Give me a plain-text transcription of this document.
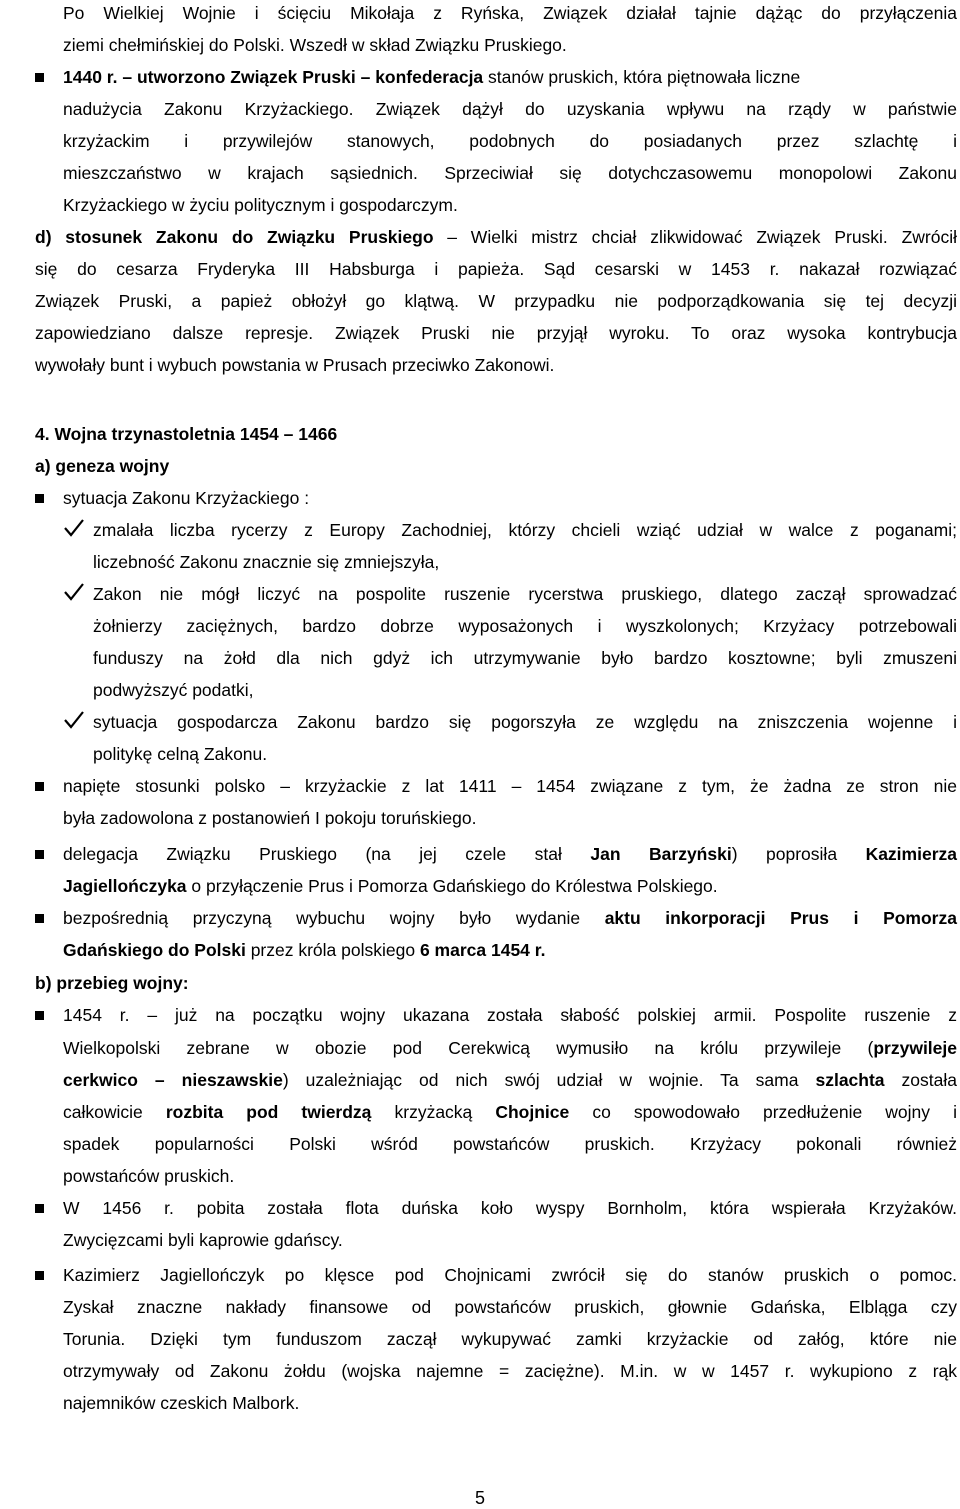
Po Wielkiej Wojnie i ścięciu Mikołaja z Ryńska, Związek działał tajnie dążąc do przyłączenia
ziemi chełmińskiej do Polski. Wszedł w skład Związku Pruskiego.
1440 r. – utworzono Związek Pruski – konfederacja stanów pruskich, która piętnowała liczne
nadużycia Zakonu Krzyżackiego. Związek dążył do uzyskania wpływu na rządy w państwie
krzyżackim i przywilejów stanowych, podobnych do posiadanych przez szlachtę i
mieszczaństwo w krajach sąsiednich. Sprzeciwiał się dotychczasowemu monopolowi Zakonu
Krzyżackiego w życiu politycznym i gospodarczym.
d) stosunek Zakonu do Związku Pruskiego – Wielki mistrz chciał zlikwidować Związek Pruski. Zwrócił
się do cesarza Fryderyka III Habsburga i papieża. Sąd cesarski w 1453 r. nakazał rozwiązać
Związek Pruski, a papież obłożył go klątwą. W przypadku nie podporządkowania się tej decyzji
zapowiedziano dalsze represje. Związek Pruski nie przyjął wyroku. To oraz wysoka kontrybucja
wywołały bunt i wybuch powstania w Prusach przeciwko Zakonowi.
4. Wojna trzynastoletnia 1454 – 1466
a) geneza wojny
sytuacja Zakonu Krzyżackiego :
zmalała liczba rycerzy z Europy Zachodniej, którzy chcieli wziąć udział w walce z poganami;
liczebność Zakonu znacznie się zmniejszyła,
Zakon nie mógł liczyć na pospolite ruszenie rycerstwa pruskiego, dlatego zaczął sprowadzać
żołnierzy zaciężnych, bardzo dobrze wyposażonych i wyszkolonych; Krzyżacy potrzebowali
funduszy na żołd dla nich gdyż ich utrzymywanie było bardzo kosztowne; byli zmuszeni
podwyższyć podatki,
sytuacja gospodarcza Zakonu bardzo się pogorszyła ze względu na zniszczenia wojenne i
politykę celną Zakonu.
napięte stosunki polsko – krzyżackie z lat 1411 – 1454 związane z tym, że żadna ze stron nie
była zadowolona z postanowień I pokoju toruńskiego.
delegacja Związku Pruskiego (na jej czele stał Jan Barzyński) poprosiła Kazimierza
Jagiellończyka o przyłączenie Prus i Pomorza Gdańskiego do Królestwa Polskiego.
bezpośrednią przyczyną wybuchu wojny było wydanie aktu inkorporacji Prus i Pomorza
Gdańskiego do Polski przez króla polskiego 6 marca 1454 r.
b) przebieg wojny:
1454 r. – już na początku wojny ukazana została słabość polskiej armii. Pospolite ruszenie z
Wielkopolski zebrane w obozie pod Cerekwicą wymusiło na królu przywileje (przywileje
cerkwico – nieszawskie) uzależniając od nich swój udział w wojnie. Ta sama szlachta została
całkowicie rozbita pod twierdzą krzyżacką Chojnice co spowodowało przedłużenie wojny i
spadek popularności Polski wśród powstańców pruskich. Krzyżacy pokonali również
powstańców pruskich.
W 1456 r. pobita została flota duńska koło wyspy Bornholm, która wspierała Krzyżaków.
Zwycięzcami byli kaprowie gdańscy.
Kazimierz Jagiellończyk po klęsce pod Chojnicami zwrócił się do stanów pruskich o pomoc.
Zyskał znaczne nakłady finansowe od powstańców pruskich, głownie Gdańska, Elbląga czy
Torunia. Dzięki tym funduszom zaczął wykupywać zamki krzyżackie od załóg, które nie
otrzymywały od Zakonu żołdu (wojska najemne = zaciężne). M.in. w w 1457 r. wykupiono z rąk
najemników czeskich Malbork.
5
